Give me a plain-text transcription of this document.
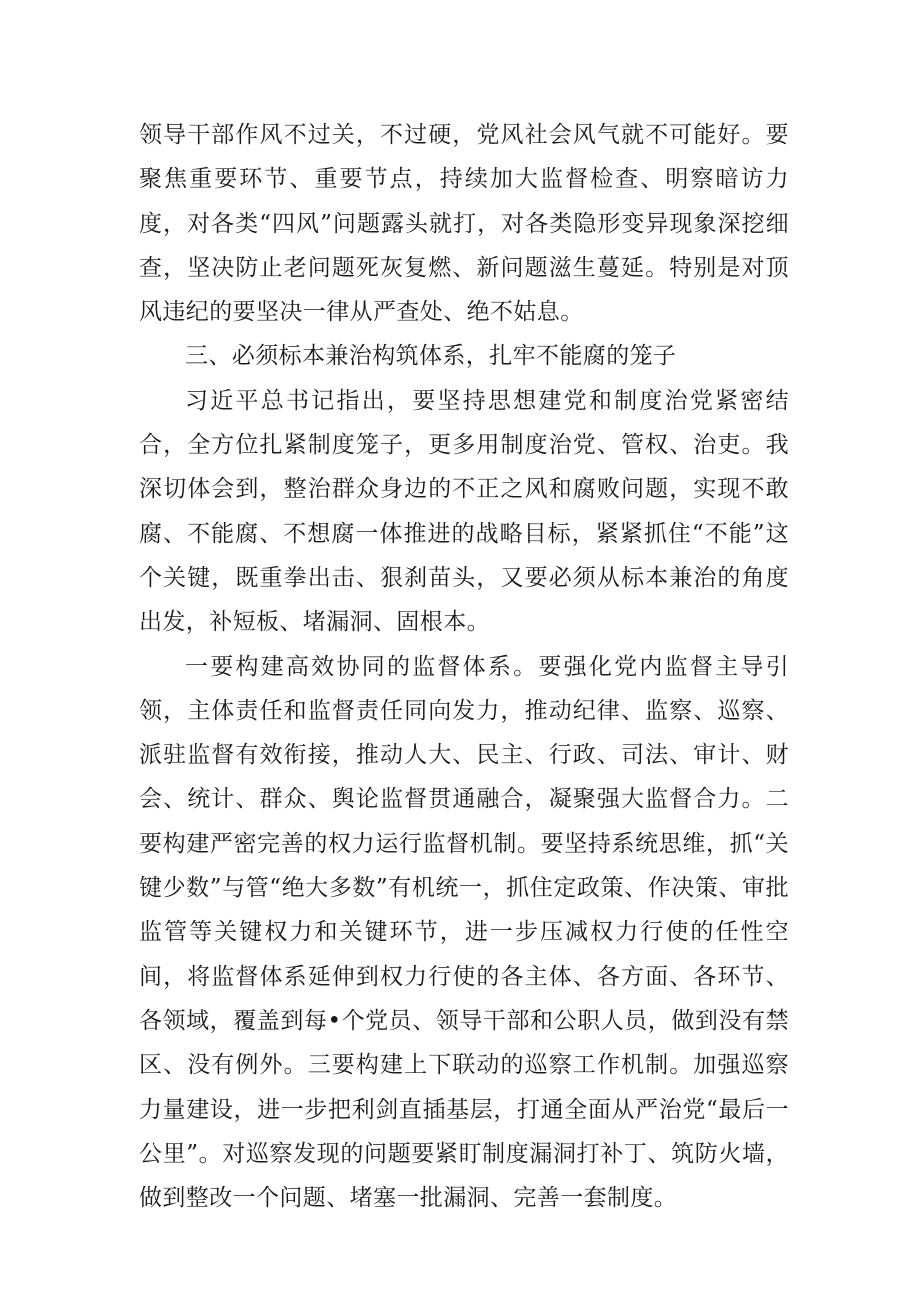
领导干部作风不过关，不过硬，党风社会风气就不可能好。要聚焦重要环节、重要节点，持续加大监督检查、明察暗访力度，对各类“四风”问题露头就打，对各类隐形变异现象深挖细查，坚决防止老问题死灰复燃、新问题滋生蔓延。特别是对顶风违纪的要坚决一律从严查处、绝不姑息。

三、必须标本兼治构筑体系，扎牢不能腐的笼子

习近平总书记指出，要坚持思想建党和制度治党紧密结合，全方位扎紧制度笼子，更多用制度治党、管权、治吏。我深切体会到，整治群众身边的不正之风和腐败问题，实现不敢腐、不能腐、不想腐一体推进的战略目标，紧紧抓住“不能”这个关键，既重拳出击、狠刹苗头，又要必须从标本兼治的角度出发，补短板、堵漏洞、固根本。

一要构建高效协同的监督体系。要强化党内监督主导引领，主体责任和监督责任同向发力，推动纪律、监察、巡察、派驻监督有效衔接，推动人大、民主、行政、司法、审计、财会、统计、群众、舆论监督贯通融合，凝聚强大监督合力。二要构建严密完善的权力运行监督机制。要坚持系统思维，抓“关键少数”与管“绝大多数”有机统一，抓住定政策、作决策、审批监管等关键权力和关键环节，进一步压减权力行使的任性空间，将监督体系延伸到权力行使的各主体、各方面、各环节、各领域，覆盖到每•个党员、领导干部和公职人员，做到没有禁区、没有例外。三要构建上下联动的巡察工作机制。加强巡察力量建设，进一步把利剑直插基层，打通全面从严治党“最后一公里”。对巡察发现的问题要紧盯制度漏洞打补丁、筑防火墙，做到整改一个问题、堵塞一批漏洞、完善一套制度。
